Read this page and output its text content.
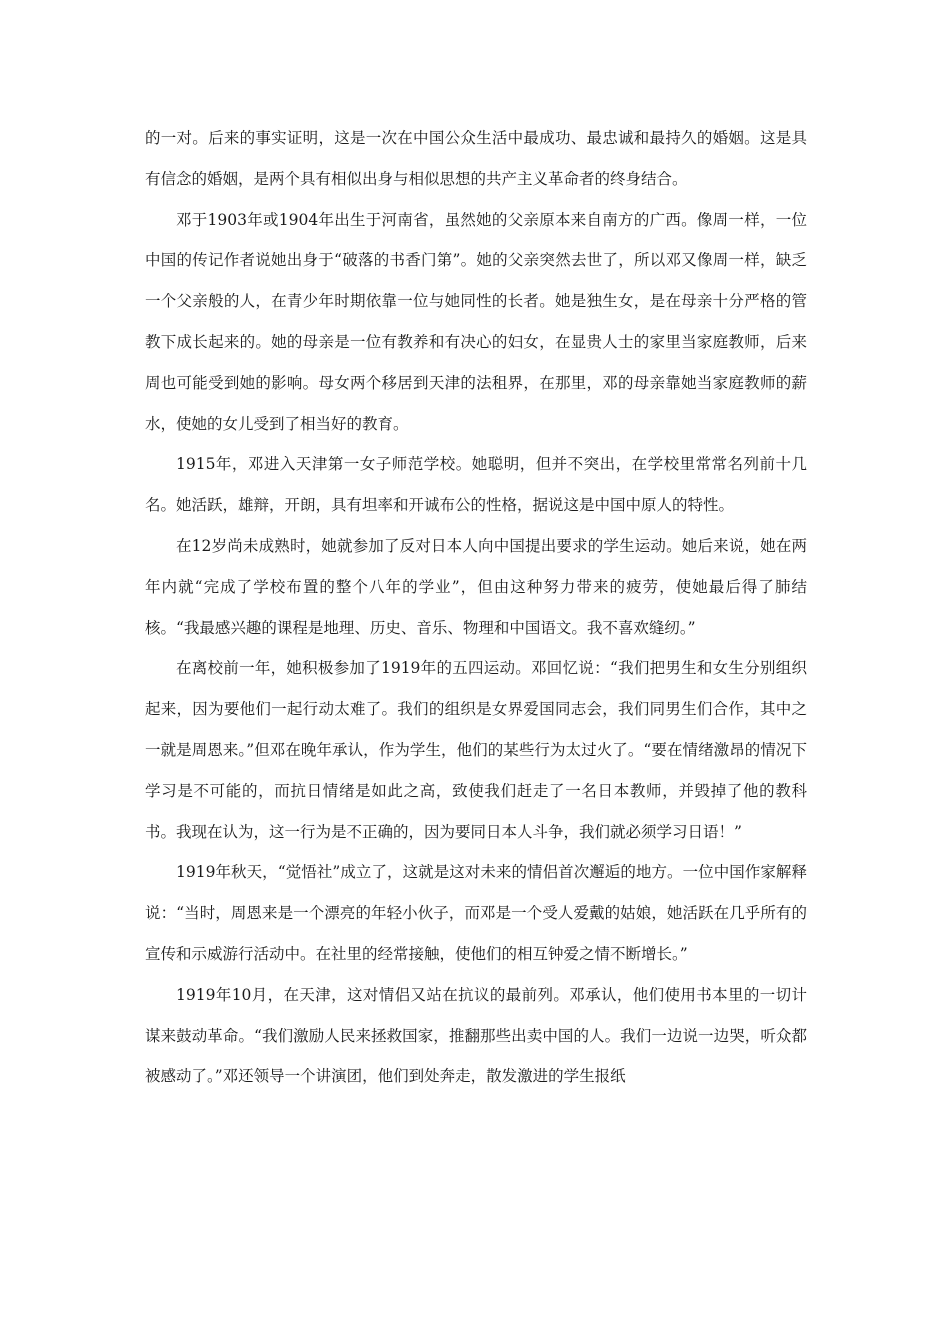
的一对。后来的事实证明，这是一次在中国公众生活中最成功、最忠诚和最持久的婚姻。这是具有信念的婚姻，是两个具有相似出身与相似思想的共产主义革命者的终身结合。

邓于1903年或1904年出生于河南省，虽然她的父亲原本来自南方的广西。像周一样，一位中国的传记作者说她出身于“破落的书香门第”。她的父亲突然去世了，所以邓又像周一样，缺乏一个父亲般的人，在青少年时期依靠一位与她同性的长者。她是独生女，是在母亲十分严格的管教下成长起来的。她的母亲是一位有教养和有决心的妇女，在显贵人士的家里当家庭教师，后来周也可能受到她的影响。母女两个移居到天津的法租界，在那里，邓的母亲靠她当家庭教师的薪水，使她的女儿受到了相当好的教育。

1915年，邓进入天津第一女子师范学校。她聪明，但并不突出，在学校里常常名列前十几名。她活跃，雄辩，开朗，具有坦率和开诚布公的性格，据说这是中国中原人的特性。

在12岁尚未成熟时，她就参加了反对日本人向中国提出要求的学生运动。她后来说，她在两年内就“完成了学校布置的整个八年的学业”，但由这种努力带来的疲劳，使她最后得了肺结核。“我最感兴趣的课程是地理、历史、音乐、物理和中国语文。我不喜欢缝纫。”

在离校前一年，她积极参加了1919年的五四运动。邓回忆说：“我们把男生和女生分别组织起来，因为要他们一起行动太难了。我们的组织是女界爱国同志会，我们同男生们合作，其中之一就是周恩来。”但邓在晚年承认，作为学生，他们的某些行为太过火了。“要在情绪激昂的情况下学习是不可能的，而抗日情绪是如此之高，致使我们赶走了一名日本教师，并毁掉了他的教科书。我现在认为，这一行为是不正确的，因为要同日本人斗争，我们就必须学习日语！”

1919年秋天，“觉悟社”成立了，这就是这对未来的情侣首次邂逅的地方。一位中国作家解释说：“当时，周恩来是一个漂亮的年轻小伙子，而邓是一个受人爱戴的姑娘，她活跃在几乎所有的宣传和示威游行活动中。在社里的经常接触，使他们的相互钟爱之情不断增长。”

1919年10月，在天津，这对情侣又站在抗议的最前列。邓承认，他们使用书本里的一切计谋来鼓动革命。“我们激励人民来拯救国家，推翻那些出卖中国的人。我们一边说一边哭，听众都被感动了。”邓还领导一个讲演团，他们到处奔走，散发激进的学生报纸
